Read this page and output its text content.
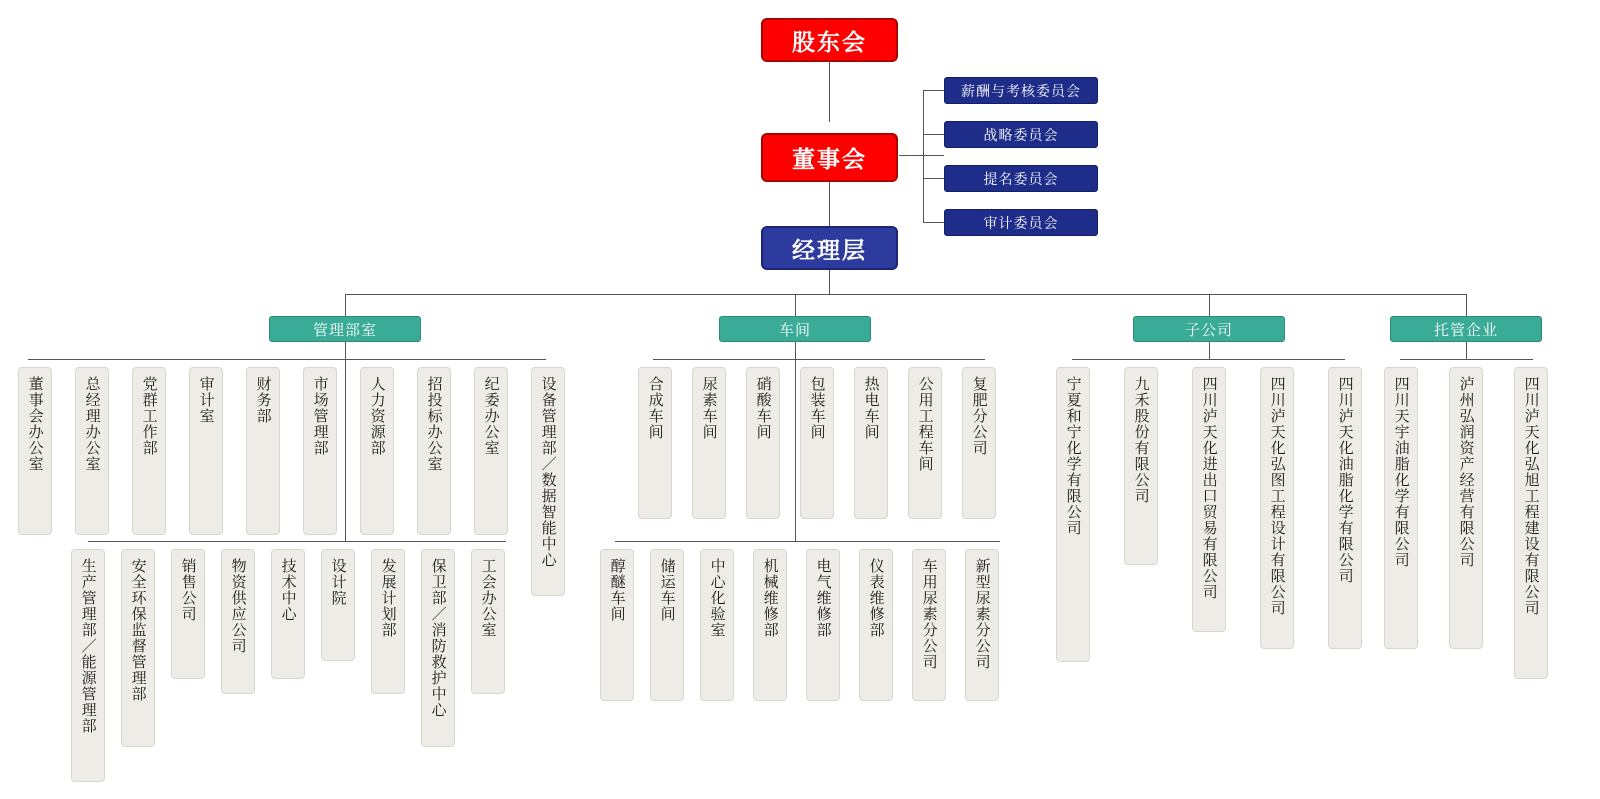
股东会
董事会
经理层
薪酬与考核委员会
战略委员会
提名委员会
审计委员会
管理部室	车间	子公司	托管企业
董事会办公室	总经理办公室	党群工作部	审计室	财务部	市场管理部	人力资源部	招投标办公室	纪委办公室	设备管理部／数据智能中心
生产管理部／能源管理部 安全环保监督管理部 销售公司 物资供应公司 技术中心 设计院 发展计划部 保卫部／消防救护中心 工会办公室
合成车间 尿素车间 硝酸车间 包装车间 热电车间 公用工程车间 复肥分公司
醇醚车间 储运车间 中心化验室 机械维修部 电气维修部 仪表维修部 车用尿素分公司 新型尿素分公司
宁夏和宁化学有限公司	九禾股份有限公司	四川泸天化进出口贸易有限公司	四川泸天化弘图工程设计有限公司	四川泸天化油脂化学有限公司	四川天宇油脂化学有限公司	泸州弘润资产经营有限公司	四川泸天化弘旭工程建设有限公司
